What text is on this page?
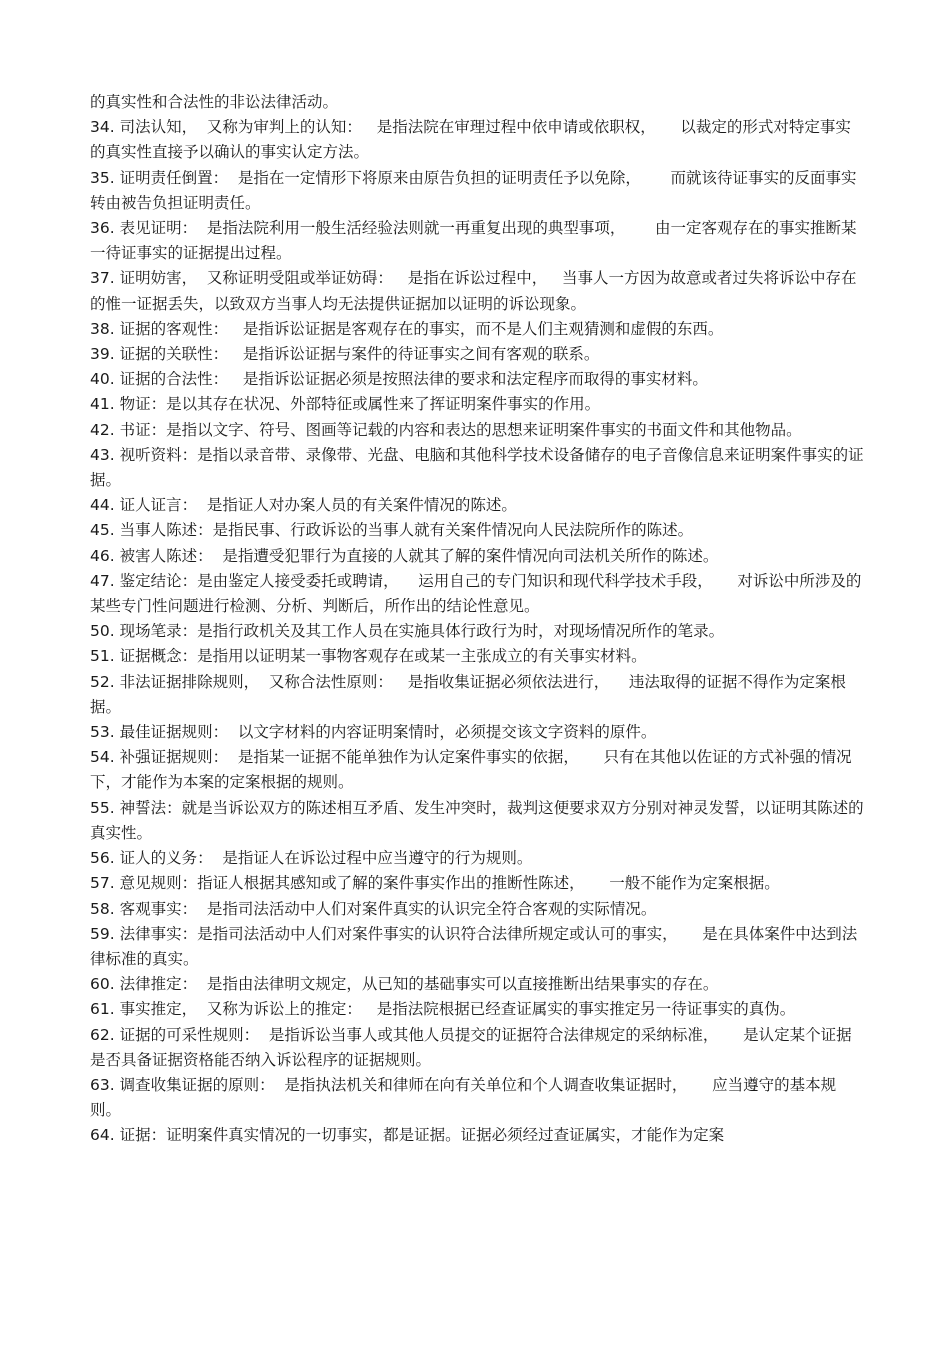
的真实性和合法性的非讼法律活动。

34. 司法认知，  又称为审判上的认知：   是指法院在审理过程中依申请或依职权，     以裁定的形式对特定事实的真实性直接予以确认的事实认定方法。

35. 证明责任倒置：  是指在一定情形下将原来由原告负担的证明责任予以免除，      而就该待证事实的反面事实转由被告负担证明责任。

36. 表见证明：  是指法院利用一般生活经验法则就一再重复出现的典型事项，      由一定客观存在的事实推断某一待证事实的证据提出过程。

37. 证明妨害，  又称证明受阻或举证妨碍：   是指在诉讼过程中，   当事人一方因为故意或者过失将诉讼中存在的惟一证据丢失，以致双方当事人均无法提供证据加以证明的诉讼现象。

38. 证据的客观性：   是指诉讼证据是客观存在的事实，而不是人们主观猜测和虚假的东西。

39. 证据的关联性：   是指诉讼证据与案件的待证事实之间有客观的联系。

40. 证据的合法性：   是指诉讼证据必须是按照法律的要求和法定程序而取得的事实材料。

41. 物证：是以其存在状况、外部特征或属性来了挥证明案件事实的作用。

42. 书证：是指以文字、符号、图画等记载的内容和表达的思想来证明案件事实的书面文件和其他物品。

43. 视听资料：是指以录音带、录像带、光盘、电脑和其他科学技术设备储存的电子音像信息来证明案件事实的证据。

44. 证人证言：  是指证人对办案人员的有关案件情况的陈述。

45. 当事人陈述：是指民事、行政诉讼的当事人就有关案件情况向人民法院所作的陈述。

46. 被害人陈述：  是指遭受犯罪行为直接的人就其了解的案件情况向司法机关所作的陈述。

47. 鉴定结论：是由鉴定人接受委托或聘请，    运用自己的专门知识和现代科学技术手段，     对诉讼中所涉及的某些专门性问题进行检测、分析、判断后，所作出的结论性意见。

50. 现场笔录：是指行政机关及其工作人员在实施具体行政行为时，对现场情况所作的笔录。

51. 证据概念：是指用以证明某一事物客观存在或某一主张成立的有关事实材料。

52. 非法证据排除规则，  又称合法性原则：   是指收集证据必须依法进行，    违法取得的证据不得作为定案根据。

53. 最佳证据规则：  以文字材料的内容证明案情时，必须提交该文字资料的原件。

54. 补强证据规则：  是指某一证据不能单独作为认定案件事实的依据，     只有在其他以佐证的方式补强的情况下，才能作为本案的定案根据的规则。

55. 神誓法：就是当诉讼双方的陈述相互矛盾、发生冲突时，裁判这便要求双方分别对神灵发誓，以证明其陈述的真实性。

56. 证人的义务：  是指证人在诉讼过程中应当遵守的行为规则。

57. 意见规则：指证人根据其感知或了解的案件事实作出的推断性陈述，     一般不能作为定案根据。

58. 客观事实：  是指司法活动中人们对案件真实的认识完全符合客观的实际情况。

59. 法律事实：是指司法活动中人们对案件事实的认识符合法律所规定或认可的事实，     是在具体案件中达到法律标准的真实。

60. 法律推定：  是指由法律明文规定，从已知的基础事实可以直接推断出结果事实的存在。

61. 事实推定，  又称为诉讼上的推定：   是指法院根据已经查证属实的事实推定另一待证事实的真伪。

62. 证据的可采性规则：  是指诉讼当事人或其他人员提交的证据符合法律规定的采纳标准，     是认定某个证据是否具备证据资格能否纳入诉讼程序的证据规则。

63. 调查收集证据的原则：  是指执法机关和律师在向有关单位和个人调查收集证据时，     应当遵守的基本规则。

64. 证据：证明案件真实情况的一切事实，都是证据。证据必须经过查证属实，才能作为定案
